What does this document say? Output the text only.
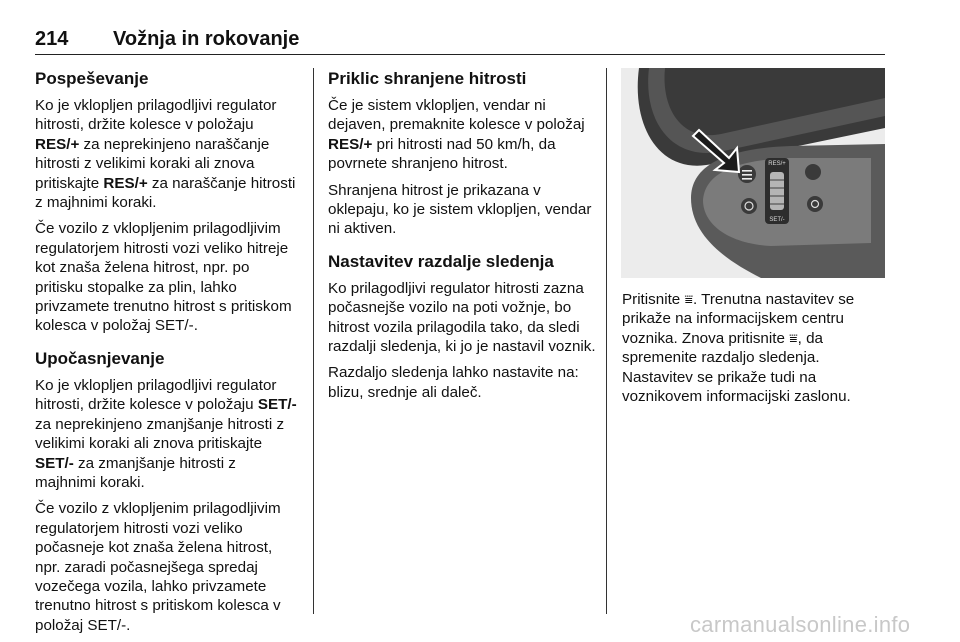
214 Vožnja in rokovanje
Pospeševanje

Ko je vklopljen prilagodljivi regulator hitrosti, držite kolesce v položaju RES/+ za neprekinjeno naraščanje hitrosti z velikimi koraki ali znova pritiskajte RES/+ za naraščanje hitrosti z majhnimi koraki.

Če vozilo z vklopljenim prilagodljivim regulatorjem hitrosti vozi veliko hitreje kot znaša želena hitrost, npr. po pritisku stopalke za plin, lahko privzamete trenutno hitrost s pritiskom kolesca v položaj SET/-.

Upočasnjevanje

Ko je vklopljen prilagodljivi regulator hitrosti, držite kolesce v položaju SET/- za neprekinjeno zmanjšanje hitrosti z velikimi koraki ali znova pritiskajte SET/- za zmanjšanje hitrosti z majhnimi koraki.

Če vozilo z vklopljenim prilagodljivim regulatorjem hitrosti vozi veliko počasneje kot znaša želena hitrost, npr. zaradi počasnejšega spredaj vozečega vozila, lahko privzamete trenutno hitrost s pritiskom kolesca v položaj SET/-.

Priklic shranjene hitrosti

Če je sistem vklopljen, vendar ni dejaven, premaknite kolesce v položaj RES/+ pri hitrosti nad 50 km/h, da povrnete shranjeno hitrost.

Shranjena hitrost je prikazana v oklepaju, ko je sistem vklopljen, vendar ni aktiven.

Nastavitev razdalje sledenja

Ko prilagodljivi regulator hitrosti zazna počasnejše vozilo na poti vožnje, bo hitrost vozila prilagodila tako, da sledi razdalji sledenja, ki jo je nastavil voznik.

Razdaljo sledenja lahko nastavite na: blizu, srednje ali daleč.

RES/+
SET/-

Pritisnite ⩸. Trenutna nastavitev se prikaže na informacijskem centru voznika. Znova pritisnite ⩸, da spremenite razdaljo sledenja. Nastavitev se prikaže tudi na voznikovem informacijski zaslonu.

carmanualsonline.info
